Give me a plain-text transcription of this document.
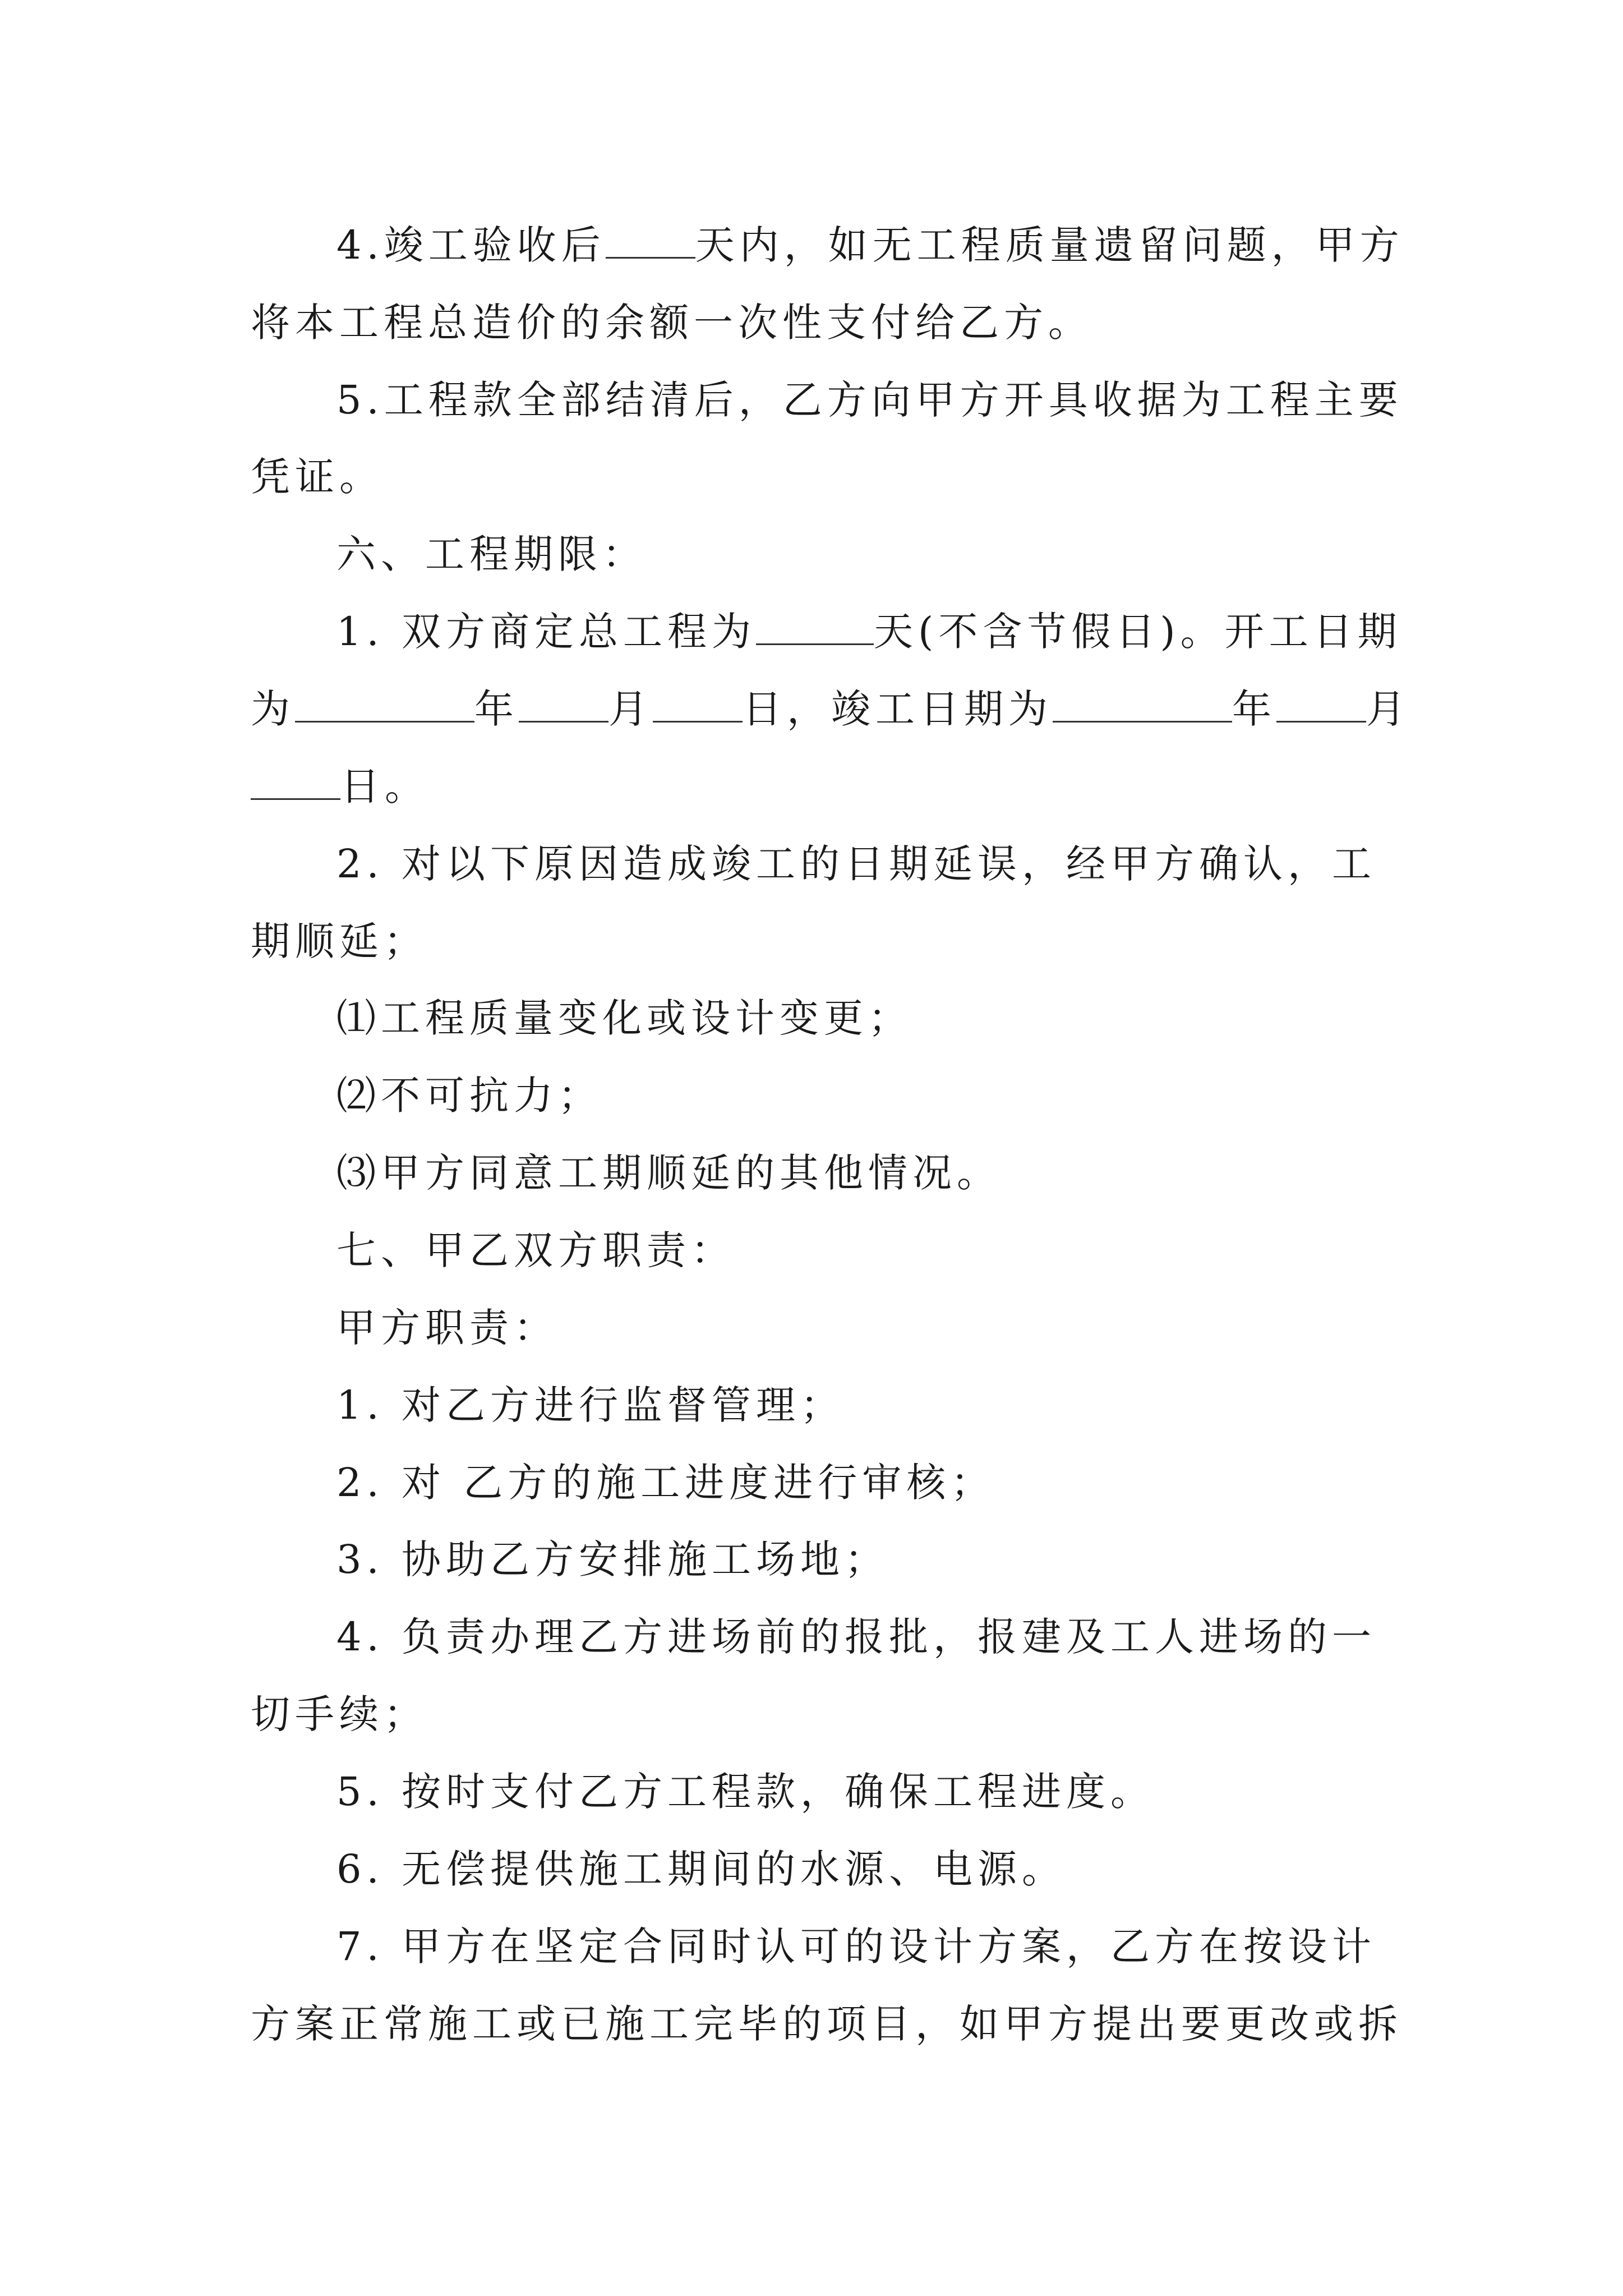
4.竣工验收后 天内，如无工程质量遗留问题，甲方
将本工程总造价的余额一次性支付给乙方。
5.工程款全部结清后，乙方向甲方开具收据为工程主要
凭证。
六、工程期限：
1. 双方商定总工程为	天(不含节假日)。开工日期
为	年 月 日，竣工日期为	年 月
日。
2. 对以下原因造成竣工的日期延误，经甲方确认，工
期顺延；
⑴工程质量变化或设计变更；
⑵不可抗力；
⑶甲方同意工期顺延的其他情况。
七、甲乙双方职责：
甲方职责：
1. 对乙方进行监督管理；
2. 对 乙方的施工进度进行审核；
3. 协助乙方安排施工场地；
4. 负责办理乙方进场前的报批，报建及工人进场的一
切手续；
5. 按时支付乙方工程款，确保工程进度。
6. 无偿提供施工期间的水源、电源。
7. 甲方在坚定合同时认可的设计方案，乙方在按设计
方案正常施工或已施工完毕的项目，如甲方提出要更改或拆
